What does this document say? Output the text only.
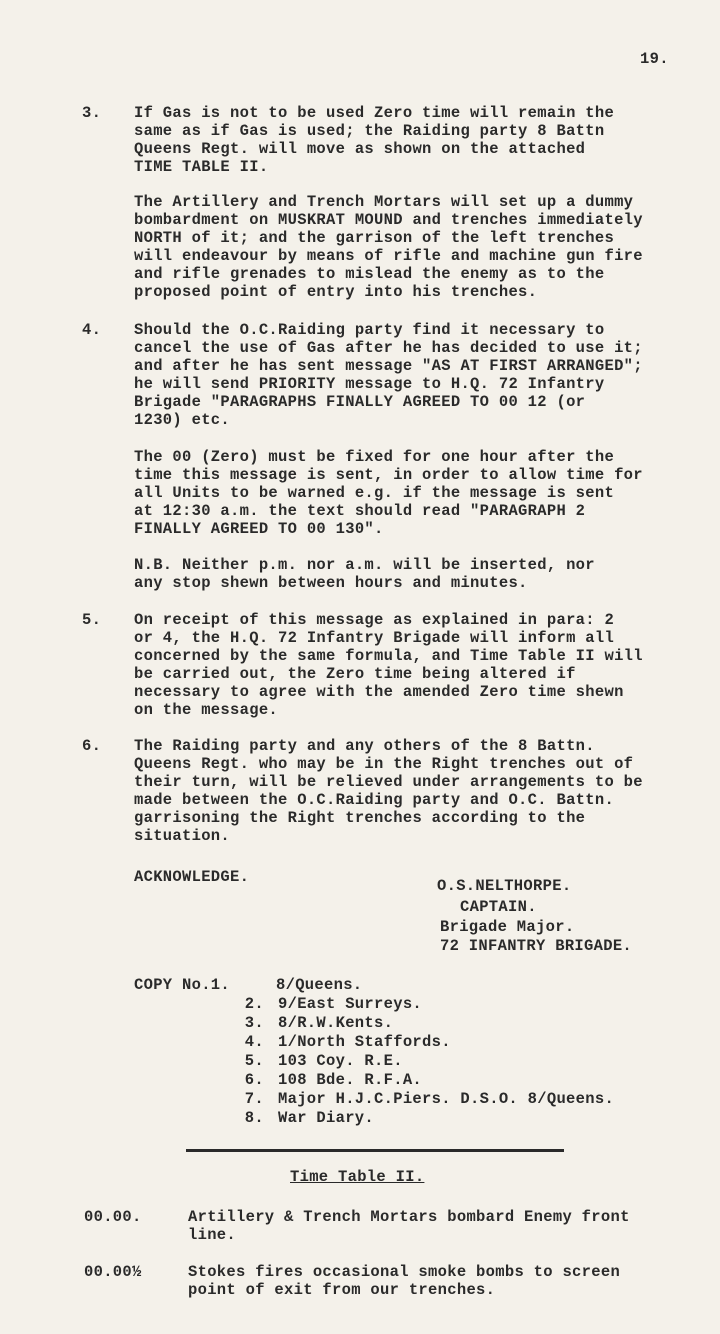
19.
3. If Gas is not to be used Zero time will remain the
same as if Gas is used; the Raiding party 8 Battn
Queens Regt. will move as shown on the attached
TIME TABLE II.
The Artillery and Trench Mortars will set up a dummy
bombardment on MUSKRAT MOUND and trenches immediately
NORTH of it; and the garrison of the left trenches
will endeavour by means of rifle and machine gun fire
and rifle grenades to mislead the enemy as to the
proposed point of entry into his trenches.
4. Should the O.C.Raiding party find it necessary to
cancel the use of Gas after he has decided to use it;
and after he has sent message "AS AT FIRST ARRANGED";
he will send PRIORITY message to H.Q. 72 Infantry
Brigade "PARAGRAPHS FINALLY AGREED TO 00 12 (or
1230) etc.
The 00 (Zero) must be fixed for one hour after the
time this message is sent, in order to allow time for
all Units to be warned e.g. if the message is sent
at 12:30 a.m. the text should read "PARAGRAPH 2
FINALLY AGREED TO 00 130".
N.B. Neither p.m. nor a.m. will be inserted, nor
any stop shewn between hours and minutes.
5. On receipt of this message as explained in para: 2
or 4, the H.Q. 72 Infantry Brigade will inform all
concerned by the same formula, and Time Table II will
be carried out, the Zero time being altered if
necessary to agree with the amended Zero time shewn
on the message.
6. The Raiding party and any others of the 8 Battn.
Queens Regt. who may be in the Right trenches out of
their turn, will be relieved under arrangements to be
made between the O.C.Raiding party and O.C. Battn.
garrisoning the Right trenches according to the
situation.
ACKNOWLEDGE.	O.S.NELTHORPE.
CAPTAIN.
Brigade Major.
72 INFANTRY BRIGADE.
COPY No.1.	8/Queens.
2. 9/East Surreys.
3. 8/R.W.Kents.
4. 1/North Staffords.
5. 103 Coy. R.E.
6. 108 Bde. R.F.A.
7. Major H.J.C.Piers. D.S.O. 8/Queens.
8. War Diary.
Time Table II.
00.00.	Artillery & Trench Mortars bombard Enemy front
line.
00.00½	Stokes fires occasional smoke bombs to screen
point of exit from our trenches.
